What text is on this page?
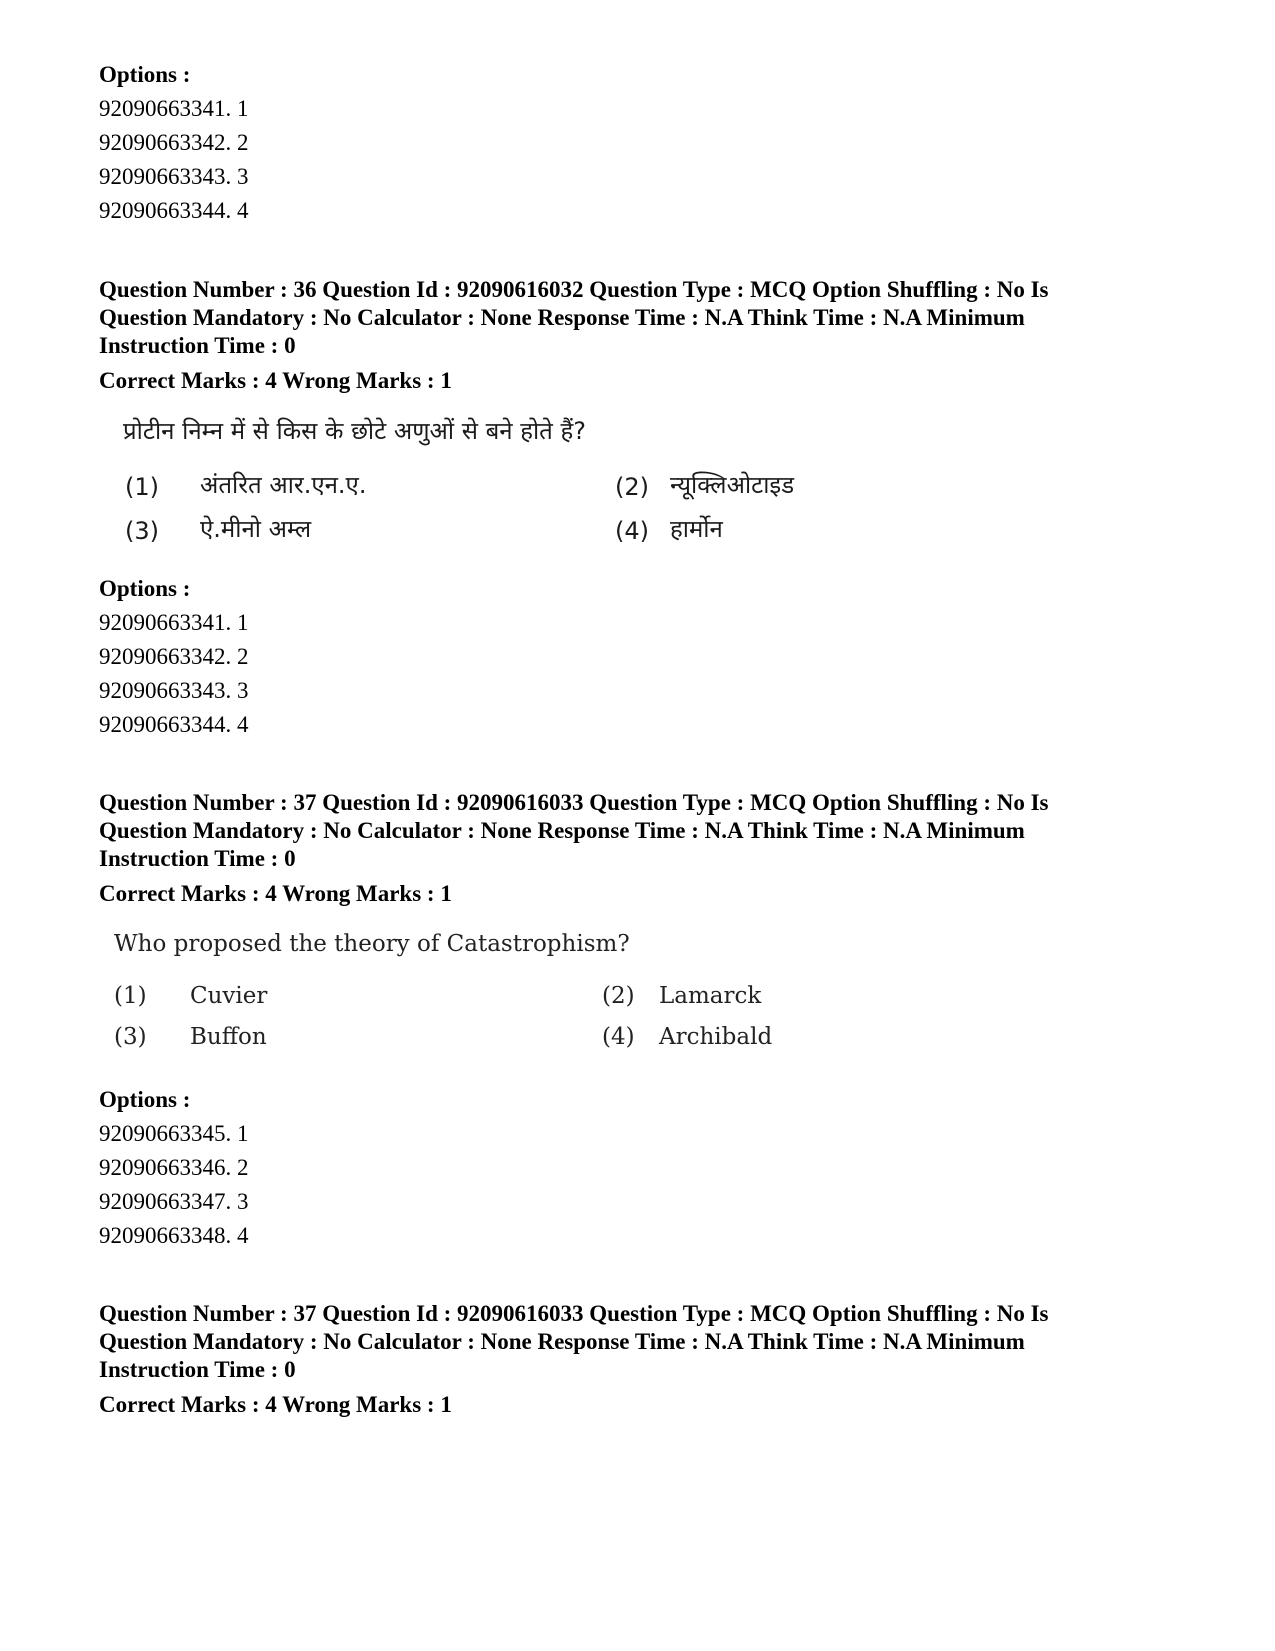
Options :
92090663341. 1
92090663342. 2
92090663343. 3
92090663344. 4
Question Number : 36 Question Id : 92090616032 Question Type : MCQ Option Shuffling : No Is
Question Mandatory : No Calculator : None Response Time : N.A Think Time : N.A Minimum
Instruction Time : 0
Correct Marks : 4 Wrong Marks : 1
प्रोटीन निम्न में से किस के छोटे अणुओं से बने होते हैं?
(1) अंतरित आर.एन.ए.	(2) न्यूक्लिओटाइड
(3) ऐ.मीनो अम्ल	(4) हार्मोन
Options :
92090663341. 1
92090663342. 2
92090663343. 3
92090663344. 4
Question Number : 37 Question Id : 92090616033 Question Type : MCQ Option Shuffling : No Is
Question Mandatory : No Calculator : None Response Time : N.A Think Time : N.A Minimum
Instruction Time : 0
Correct Marks : 4 Wrong Marks : 1
Who proposed the theory of Catastrophism?
(1) Cuvier	(2) Lamarck
(3) Buffon	(4) Archibald
Options :
92090663345. 1
92090663346. 2
92090663347. 3
92090663348. 4
Question Number : 37 Question Id : 92090616033 Question Type : MCQ Option Shuffling : No Is
Question Mandatory : No Calculator : None Response Time : N.A Think Time : N.A Minimum
Instruction Time : 0
Correct Marks : 4 Wrong Marks : 1
